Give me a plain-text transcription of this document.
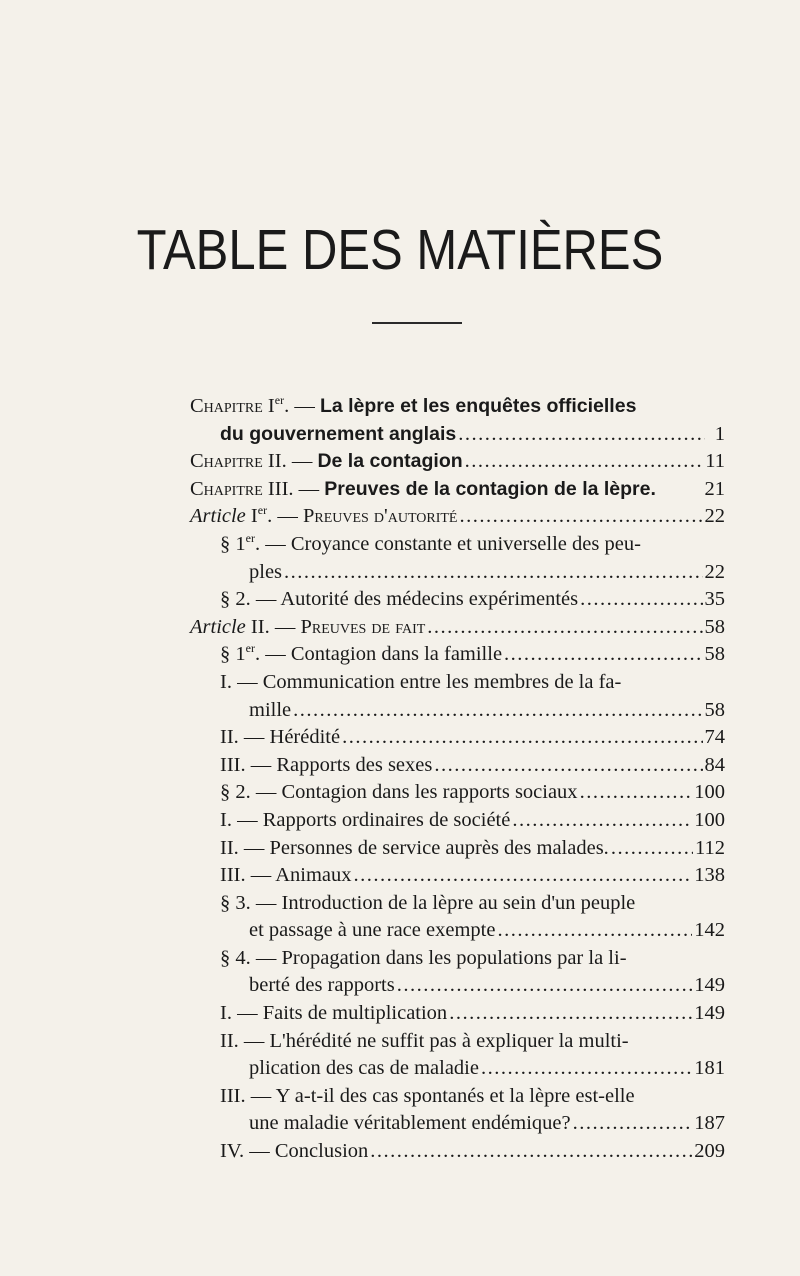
TABLE DES MATIÈRES
Chapitre Ier. — La lèpre et les enquêtes officielles
du gouvernement anglais .....	1
Chapitre II. — De la contagion .....	11
Chapitre III. — Preuves de la contagion de la lèpre. 21
Article Ier. — Preuves d'autorité .....	22
§ 1er. — Croyance constante et universelle des peu-
ples .....	22
§ 2. — Autorité des médecins expérimentés .....	35
Article II. — Preuves de fait .....	58
§ 1er. — Contagion dans la famille .....	58
I. — Communication entre les membres de la fa-
mille .....	58
II. — Hérédité .....	74
III. — Rapports des sexes .....	84
§ 2. — Contagion dans les rapports sociaux .....	100
I. — Rapports ordinaires de société .....	100
II. — Personnes de service auprès des malades. .....	112
III. — Animaux .....	138
§ 3. — Introduction de la lèpre au sein d'un peuple
et passage à une race exempte .....	142
§ 4. — Propagation dans les populations par la li-
berté des rapports .....	149
I. — Faits de multiplication .....	149
II. — L'hérédité ne suffit pas à expliquer la multi-
plication des cas de maladie .....	181
III. — Y a-t-il des cas spontanés et la lèpre est-elle
une maladie véritablement endémique? .....	187
IV. — Conclusion .....	209
